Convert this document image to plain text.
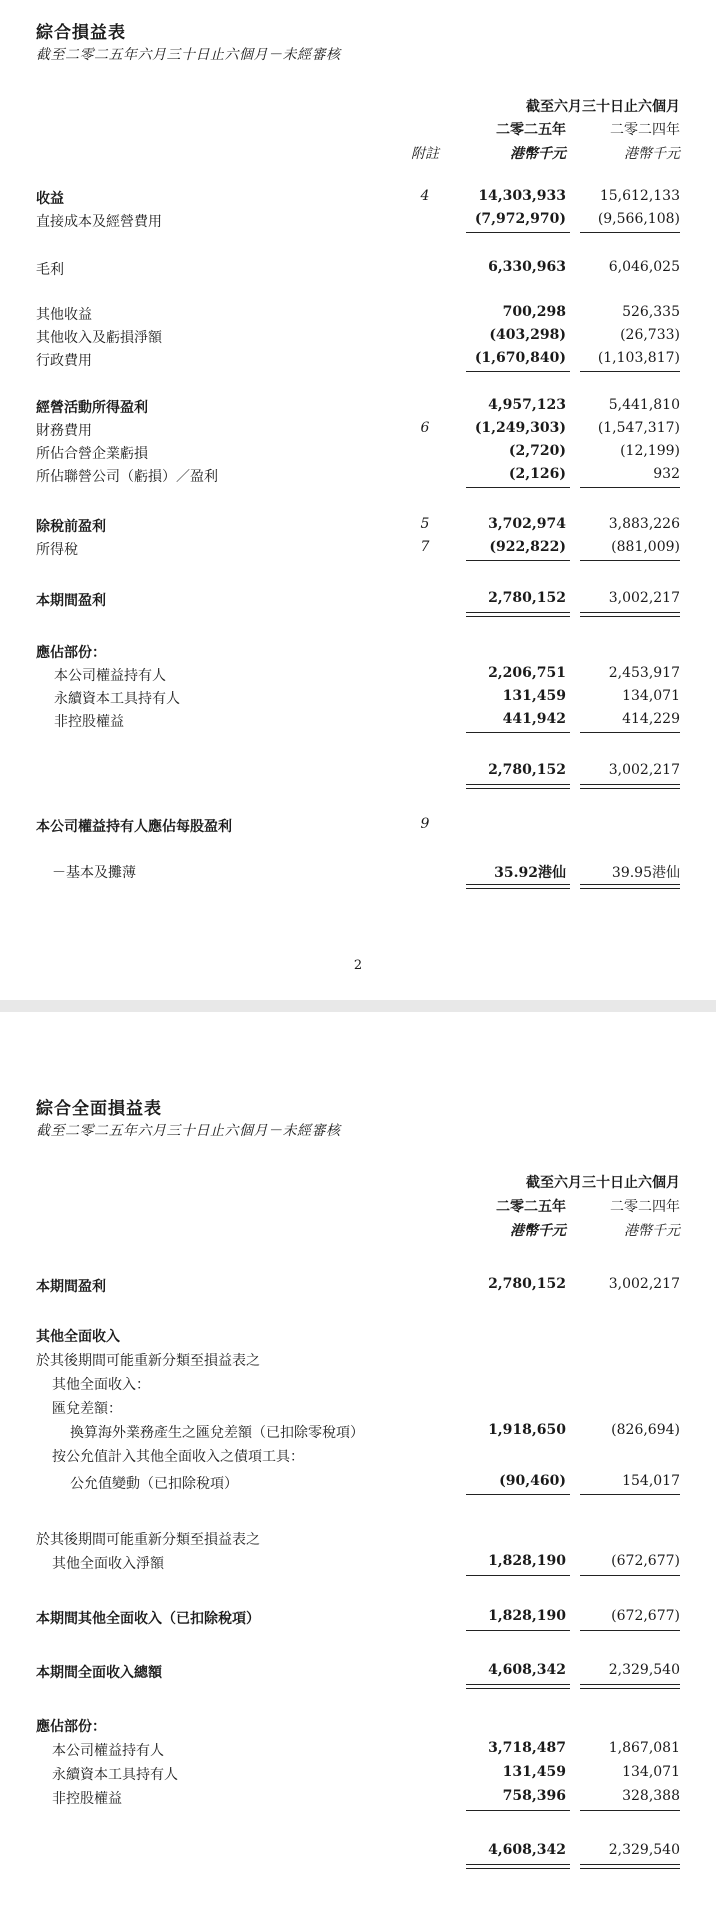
綜合損益表
截至二零二五年六月三十日止六個月－未經審核
截至六月三十日止六個月
二零二五年	二零二四年
附註	港幣千元	港幣千元
收益	4	14,303,933	15,612,133
直接成本及經營費用	(7,972,970)	(9,566,108)
毛利	6,330,963	6,046,025
其他收益	700,298	526,335
其他收入及虧損淨額	(403,298)	(26,733)
行政費用	(1,670,840)	(1,103,817)
經營活動所得盈利	4,957,123	5,441,810
財務費用	6	(1,249,303)	(1,547,317)
所佔合營企業虧損	(2,720)	(12,199)
所佔聯營公司（虧損）／盈利	(2,126)	932
除稅前盈利	5	3,702,974	3,883,226
所得稅	7	(922,822)	(881,009)
本期間盈利	2,780,152	3,002,217
應佔部份：
本公司權益持有人	2,206,751	2,453,917
永續資本工具持有人	131,459	134,071
非控股權益	441,942	414,229
2,780,152	3,002,217
本公司權益持有人應佔每股盈利	9
－基本及攤薄	35.92港仙	39.95港仙
2
綜合全面損益表
截至二零二五年六月三十日止六個月－未經審核
截至六月三十日止六個月
二零二五年	二零二四年
港幣千元	港幣千元
本期間盈利	2,780,152	3,002,217
其他全面收入
於其後期間可能重新分類至損益表之
其他全面收入：
匯兌差額：
換算海外業務產生之匯兌差額（已扣除零稅項）	1,918,650	(826,694)
按公允值計入其他全面收入之債項工具：
公允值變動（已扣除稅項）	(90,460)	154,017
於其後期間可能重新分類至損益表之
其他全面收入淨額	1,828,190	(672,677)
本期間其他全面收入（已扣除稅項）	1,828,190	(672,677)
本期間全面收入總額	4,608,342	2,329,540
應佔部份：
本公司權益持有人	3,718,487	1,867,081
永續資本工具持有人	131,459	134,071
非控股權益	758,396	328,388
4,608,342	2,329,540
